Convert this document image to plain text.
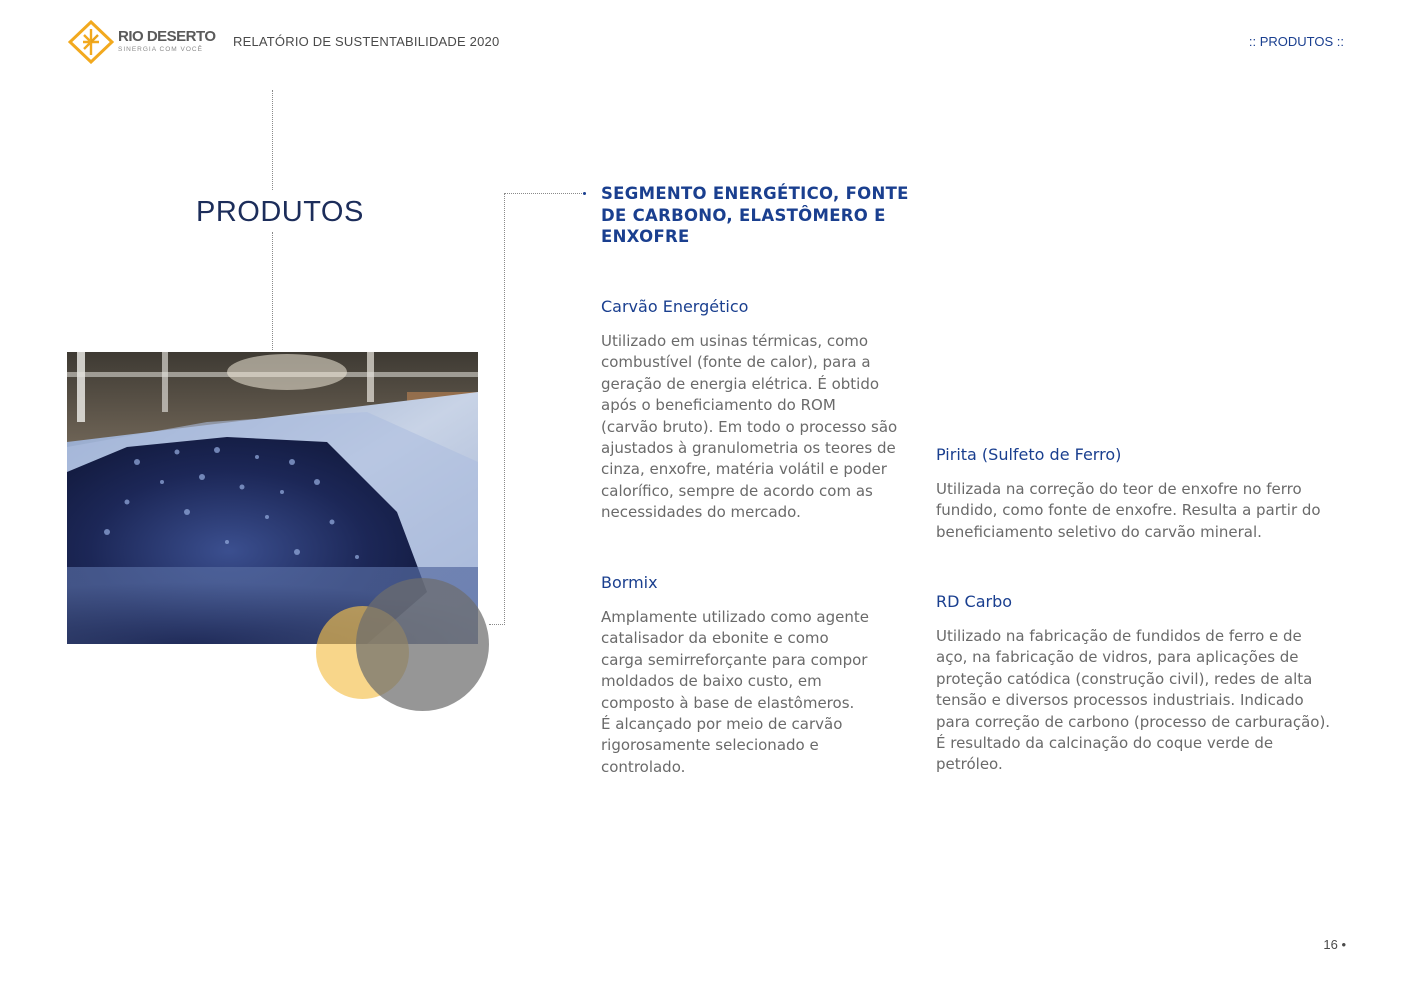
RIO DESERTO
SINERGIA COM VOCÊ
RELATÓRIO DE SUSTENTABILIDADE 2020	:: PRODUTOS ::
PRODUTOS
SEGMENTO ENERGÉTICO, FONTE DE CARBONO, ELASTÔMERO E ENXOFRE
Carvão Energético
Utilizado em usinas térmicas, como
combustível (fonte de calor), para a
geração de energia elétrica. É obtido
após o beneficiamento do ROM
(carvão bruto). Em todo o processo são
ajustados à granulometria os teores de
cinza, enxofre, matéria volátil e poder
calorífico, sempre de acordo com as
necessidades do mercado.
Bormix
Amplamente utilizado como agente
catalisador da ebonite e como
carga semirreforçante para compor
moldados de baixo custo, em
composto à base de elastômeros.
É alcançado por meio de carvão
rigorosamente selecionado e
controlado.
Pirita (Sulfeto de Ferro)
Utilizada na correção do teor de enxofre no ferro
fundido, como fonte de enxofre. Resulta a partir do
beneficiamento seletivo do carvão mineral.
RD Carbo
Utilizado na fabricação de fundidos de ferro e de
aço, na fabricação de vidros, para aplicações de
proteção catódica (construção civil), redes de alta
tensão e diversos processos industriais. Indicado
para correção de carbono (processo de carburação).
É resultado da calcinação do coque verde de
petróleo.
16 •
